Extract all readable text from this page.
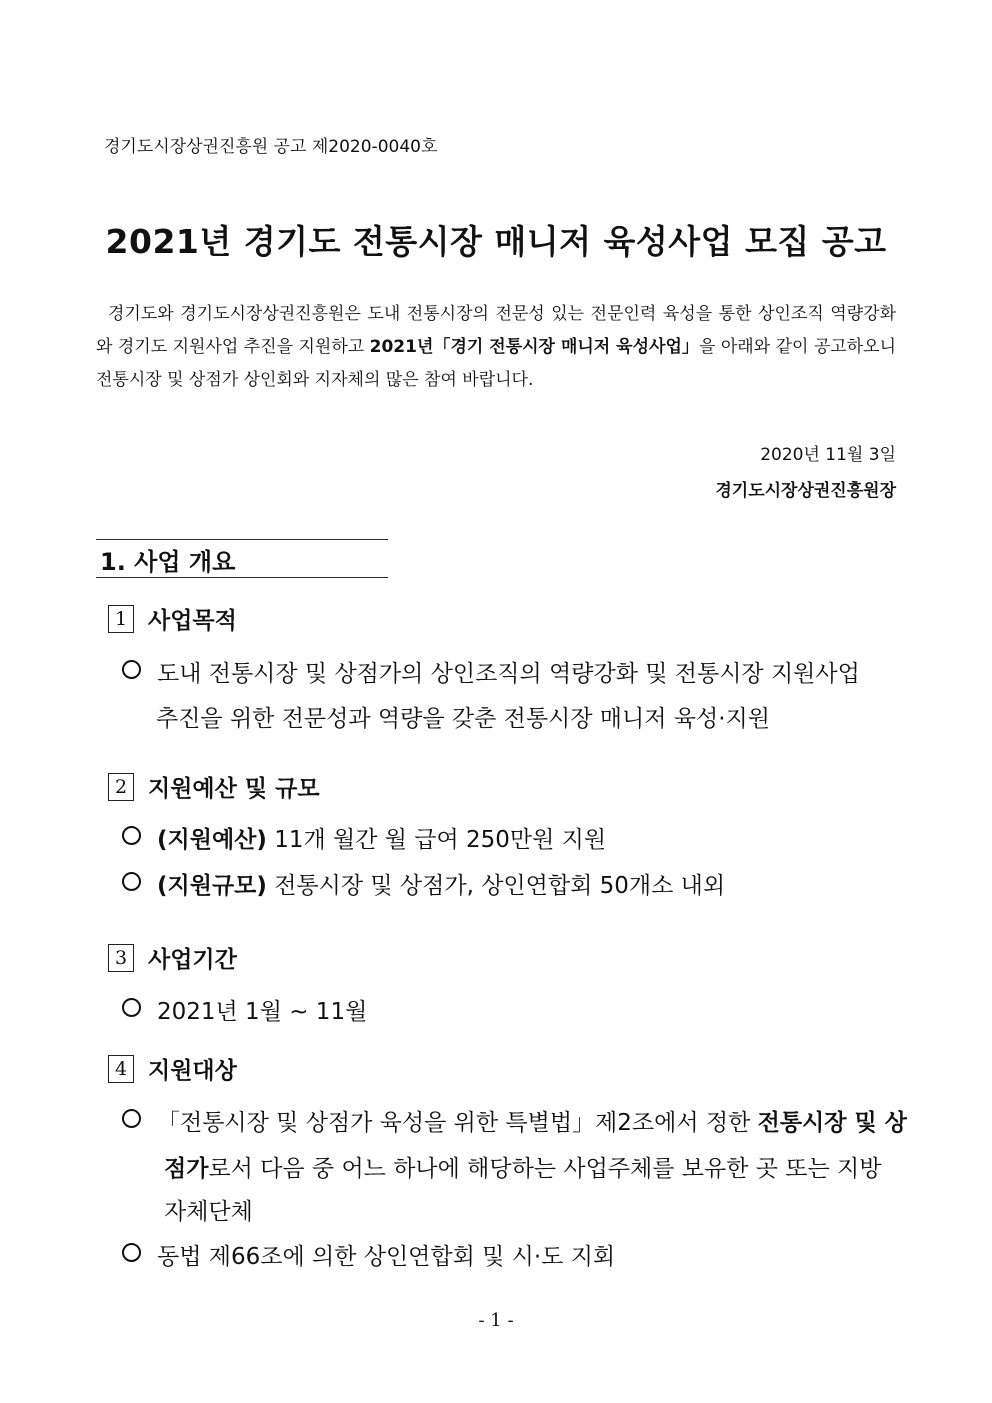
경기도시장상권진흥원 공고 제2020-0040호
2021년 경기도 전통시장 매니저 육성사업 모집 공고
경기도와 경기도시장상권진흥원은 도내 전통시장의 전문성 있는 전문인력 육성을 통한 상인조직 역량강화와 경기도 지원사업 추진을 지원하고 2021년「경기 전통시장 매니저 육성사업」을 아래와 같이 공고하오니 전통시장 및 상점가 상인회와 지자체의 많은 참여 바랍니다.
2020년 11월 3일
경기도시장상권진흥원장
1. 사업 개요
1 사업목적
도내 전통시장 및 상점가의 상인조직의 역량강화 및 전통시장 지원사업
추진을 위한 전문성과 역량을 갖춘 전통시장 매니저 육성·지원
2 지원예산 및 규모
(지원예산) 11개 월간 월 급여 250만원 지원
(지원규모) 전통시장 및 상점가, 상인연합회 50개소 내외
3 사업기간
2021년 1월 ~ 11월
4 지원대상
「전통시장 및 상점가 육성을 위한 특별법」제2조에서 정한 전통시장 및 상
점가로서 다음 중 어느 하나에 해당하는 사업주체를 보유한 곳 또는 지방
자체단체
동법 제66조에 의한 상인연합회 및 시·도 지회
- 1 -
